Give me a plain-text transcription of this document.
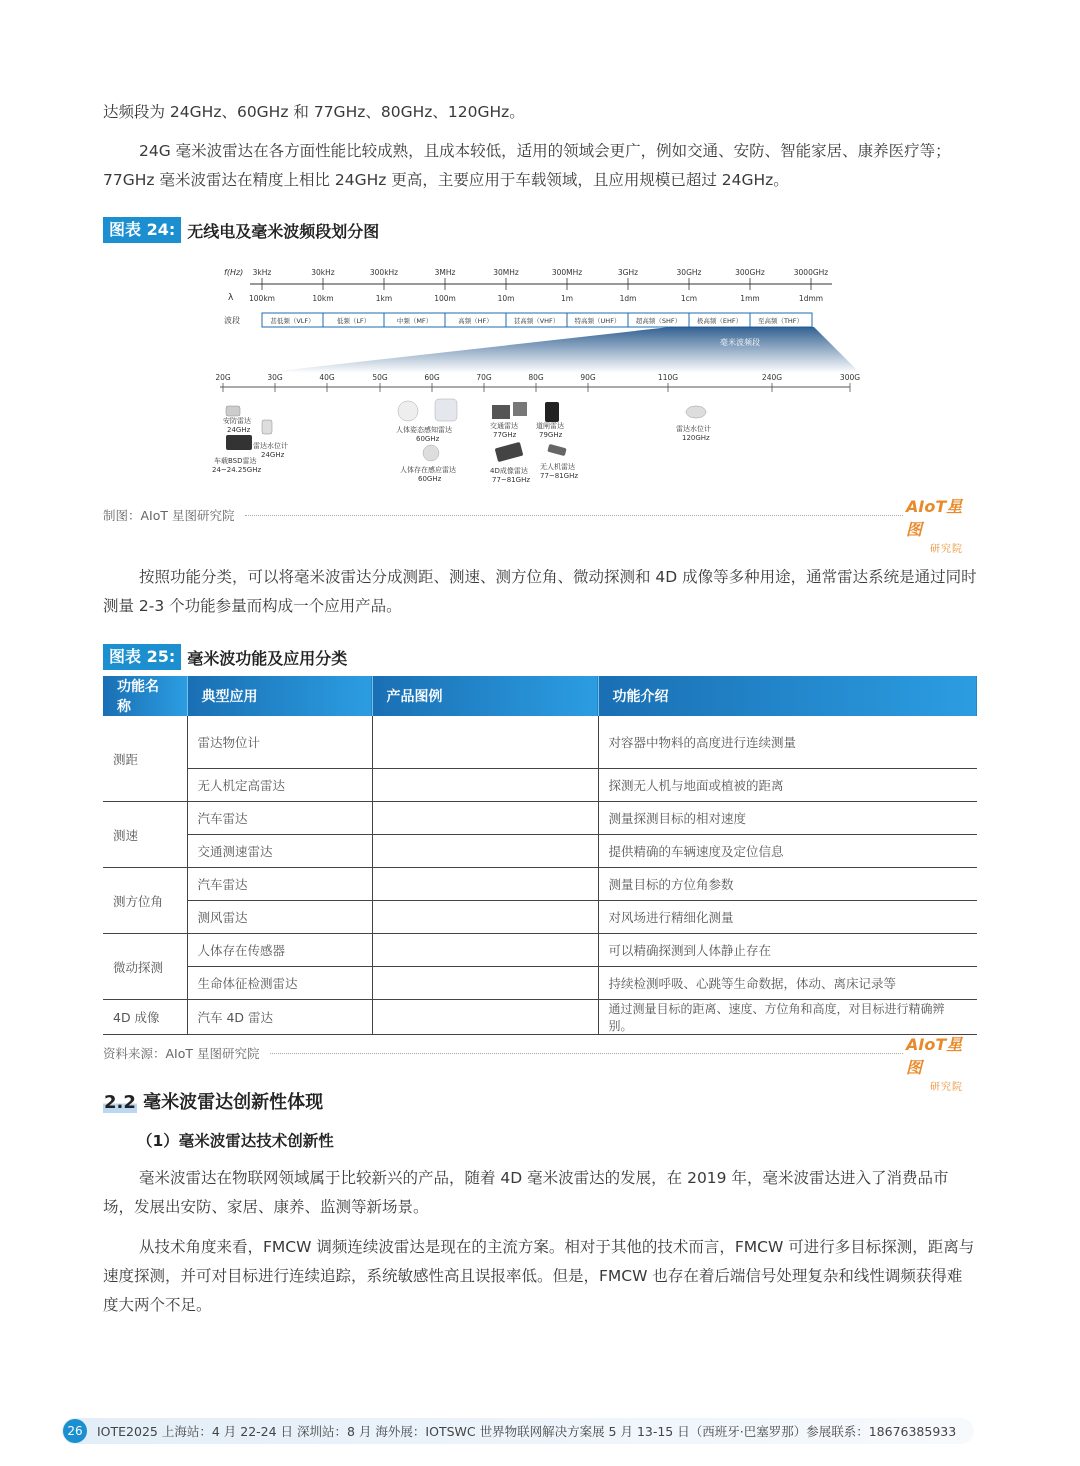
达频段为 24GHz、60GHz 和 77GHz、80GHz、120GHz。
24G 毫米波雷达在各方面性能比较成熟，且成本较低，适用的领域会更广，例如交通、安防、智能家居、康养医疗等；77GHz 毫米波雷达在精度上相比 24GHz 更高，主要应用于车载领域，且应用规模已超过 24GHz。
图表 24: 无线电及毫米波频段划分图
f(Hz)
λ
波段
3kHz
100km
30kHz
10km
300kHz
1km
3MHz
100m
30MHz
10m
300MHz
1m
3GHz
1dm
30GHz
1cm
300GHz
1mm
3000GHz
1dmm
甚低频（VLF）	低频（LF）	中频（MF）	高频（HF）	甚高频（VHF） 特高频（UHF） 超高频（SHF） 极高频（EHF） 至高频（THF）
毫米波频段
20G	30G	40G	50G	60G	70G	80G	90G	110G	240G	300G
安防雷达 24GHz
雷达水位计 24GHz
车载BSD雷达 24~24.25GHz
人体姿态感知雷达 60GHz
人体存在感应雷达 60GHz
交通雷达 77GHz
道闸雷达 79GHz
4D成像雷达 77~81GHz
无人机雷达 77~81GHz
雷达水位计 120GHz
制图：AIoT 星图研究院	AIoT星图
研究院
按照功能分类，可以将毫米波雷达分成测距、测速、测方位角、微动探测和 4D 成像等多种用途，通常雷达系统是通过同时测量 2-3 个功能参量而构成一个应用产品。
图表 25: 毫米波功能及应用分类
功能名称	典型应用	产品图例	功能介绍
测距	雷达物位计		对容器中物料的高度进行连续测量
	无人机定高雷达		探测无人机与地面或植被的距离
测速	汽车雷达		测量探测目标的相对速度
	交通测速雷达		提供精确的车辆速度及定位信息
测方位角	汽车雷达		测量目标的方位角参数
	测风雷达		对风场进行精细化测量
微动探测	人体存在传感器		可以精确探测到人体静止存在
	生命体征检测雷达		持续检测呼吸、心跳等生命数据，体动、离床记录等
4D 成像	汽车 4D 雷达		通过测量目标的距离、速度、方位角和高度，对目标进行精确辨别。
资料来源：AIoT 星图研究院	AIoT星图
研究院
2.2 毫米波雷达创新性体现
（1）毫米波雷达技术创新性
毫米波雷达在物联网领域属于比较新兴的产品，随着 4D 毫米波雷达的发展，在 2019 年，毫米波雷达进入了消费品市场，发展出安防、家居、康养、监测等新场景。
从技术角度来看，FMCW 调频连续波雷达是现在的主流方案。相对于其他的技术而言，FMCW 可进行多目标探测，距离与速度探测，并可对目标进行连续追踪，系统敏感性高且误报率低。但是，FMCW 也存在着后端信号处理复杂和线性调频获得难度大两个不足。
26	IOTE2025 上海站：4 月 22-24 日 深圳站：8 月 海外展：IOTSWC 世界物联网解决方案展 5 月 13-15 日（西班牙·巴塞罗那）参展联系：18676385933
